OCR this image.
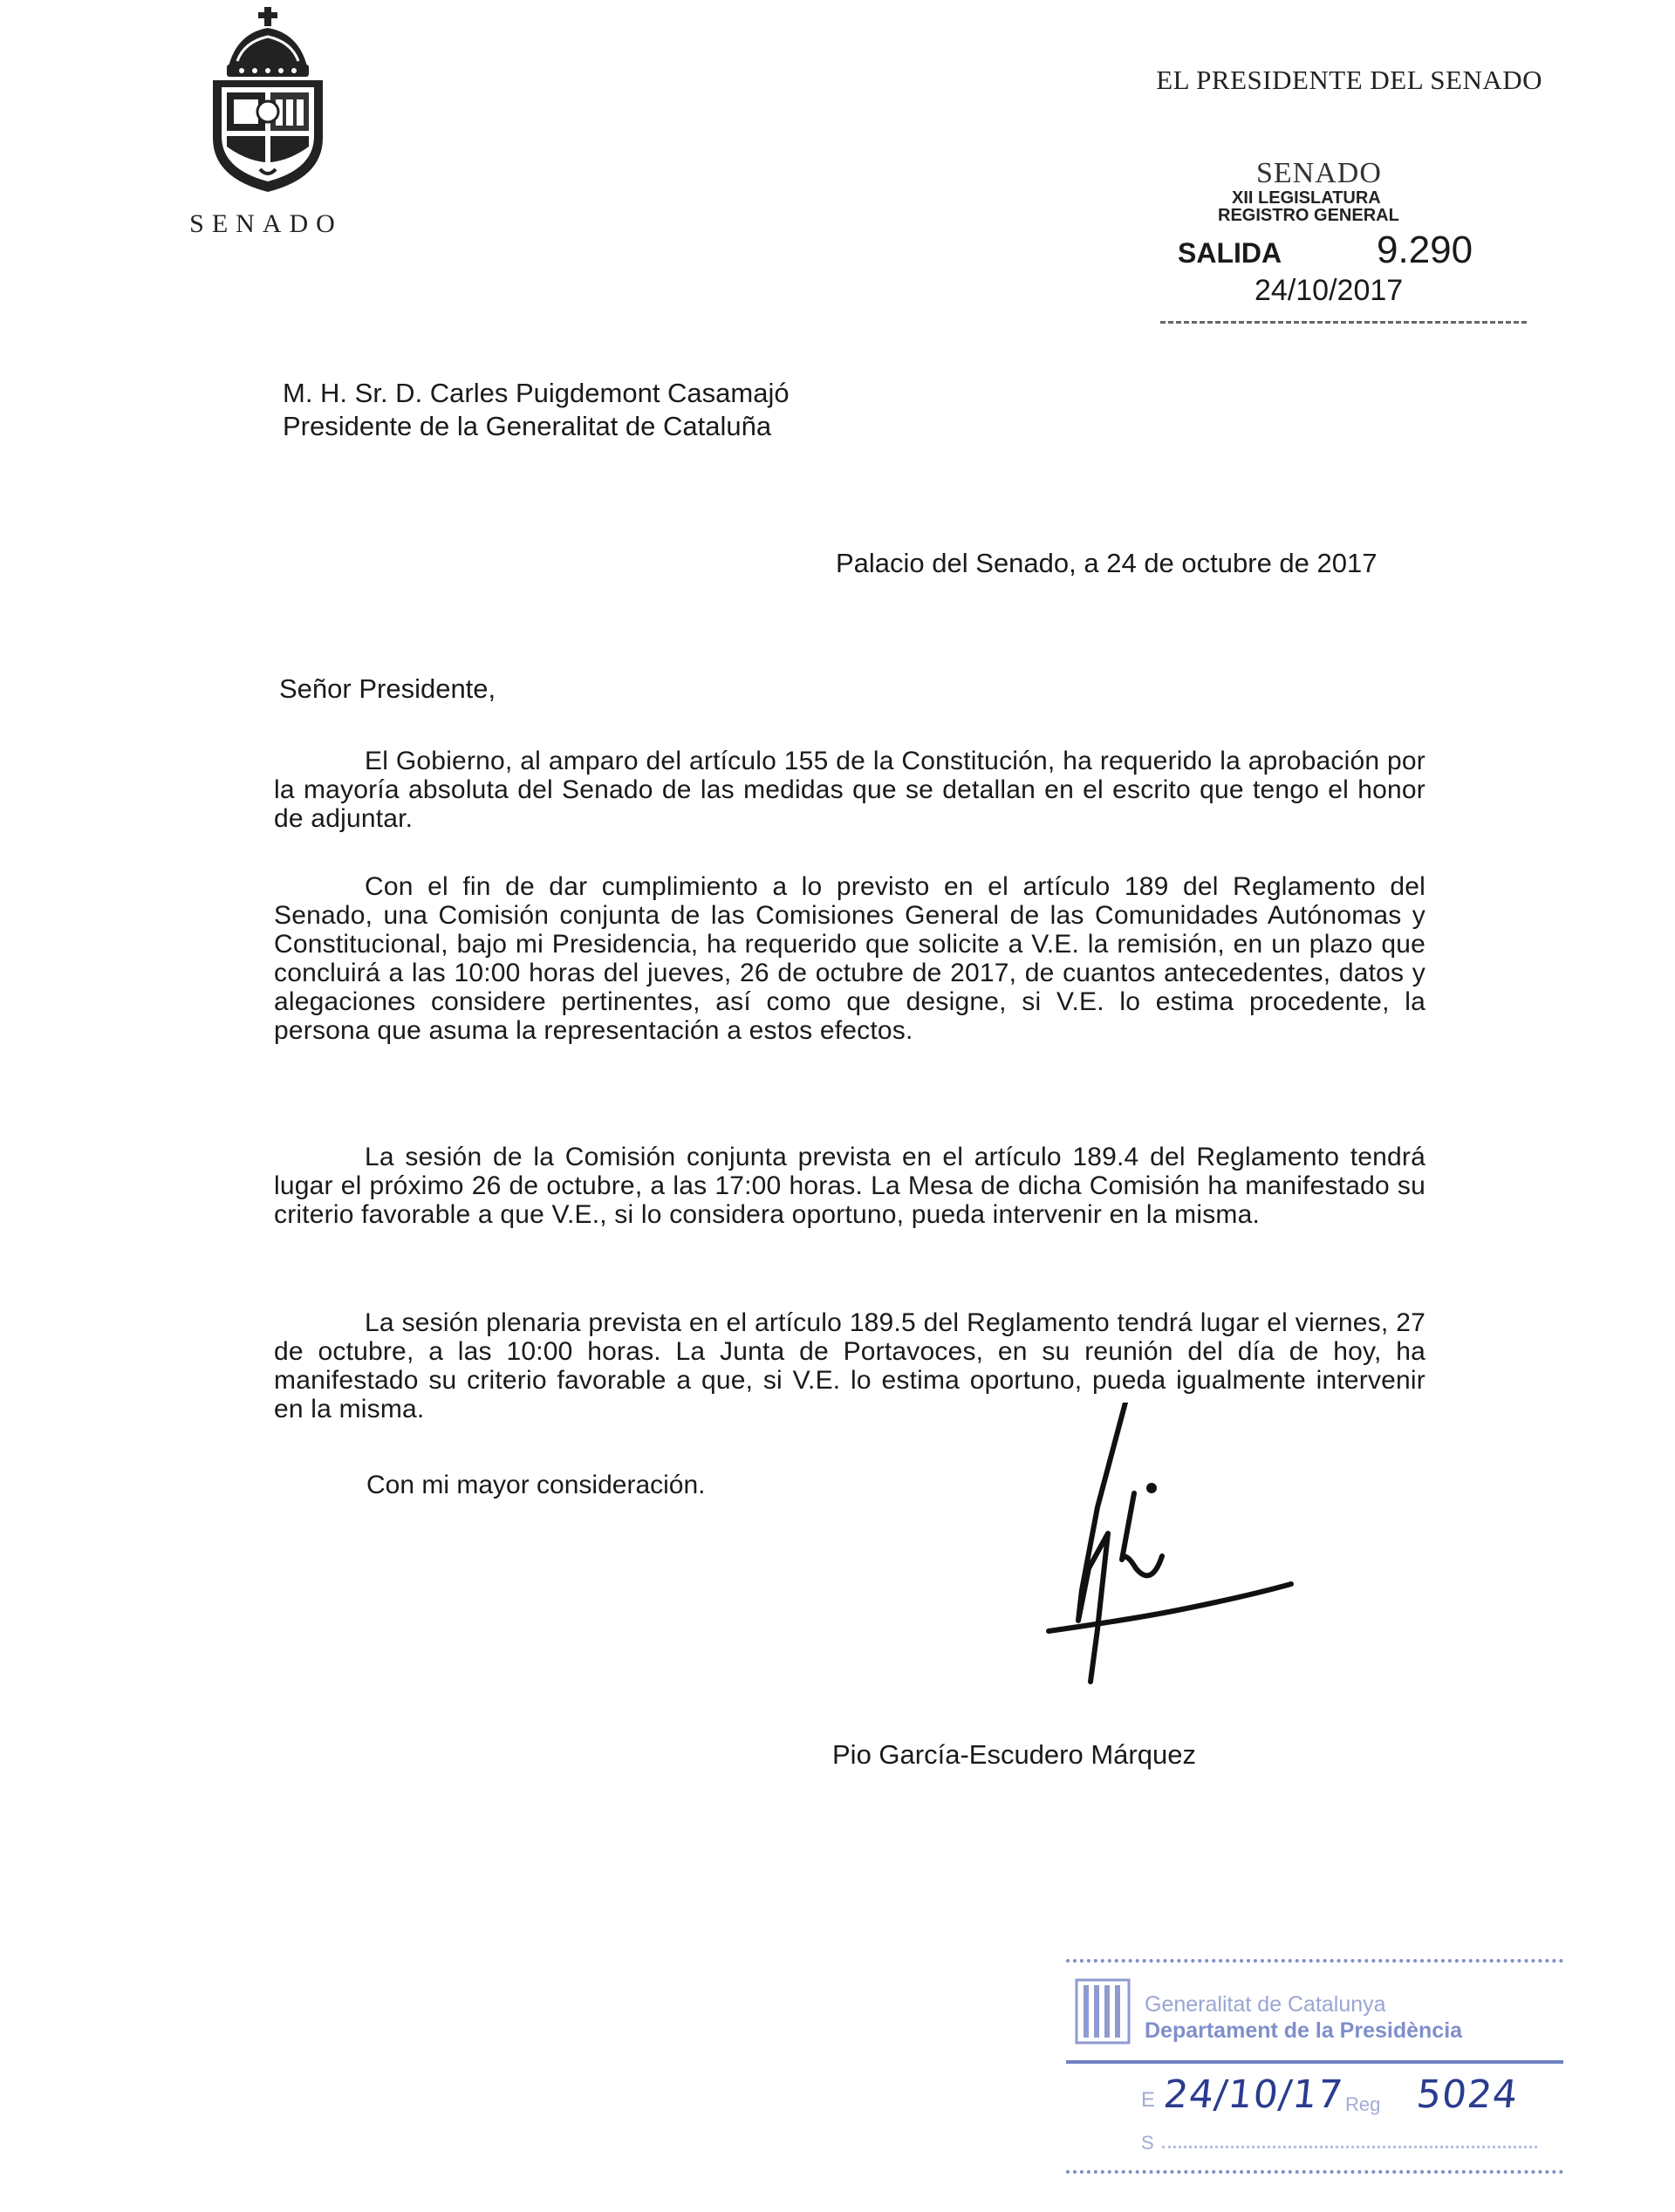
SENADO
EL PRESIDENTE DEL SENADO
SENADO
XII LEGISLATURA
REGISTRO GENERAL
SALIDA 9.290
24/10/2017
M. H. Sr. D. Carles Puigdemont Casamajó
Presidente de la Generalitat de Cataluña
Palacio del Senado, a 24 de octubre de 2017
Señor Presidente,
El Gobierno, al amparo del artículo 155 de la Constitución, ha requerido la aprobación por la mayoría absoluta del Senado de las medidas que se detallan en el escrito que tengo el honor de adjuntar.
Con el fin de dar cumplimiento a lo previsto en el artículo 189 del Reglamento del Senado, una Comisión conjunta de las Comisiones General de las Comunidades Autónomas y Constitucional, bajo mi Presidencia, ha requerido que solicite a V.E. la remisión, en un plazo que concluirá a las 10:00 horas del jueves, 26 de octubre de 2017, de cuantos antecedentes, datos y alegaciones considere pertinentes, así como que designe, si V.E. lo estima procedente, la persona que asuma la representación a estos efectos.
La sesión de la Comisión conjunta prevista en el artículo 189.4 del Reglamento tendrá lugar el próximo 26 de octubre, a las 17:00 horas. La Mesa de dicha Comisión ha manifestado su criterio favorable a que V.E., si lo considera oportuno, pueda intervenir en la misma.
La sesión plenaria prevista en el artículo 189.5 del Reglamento tendrá lugar el viernes, 27 de octubre, a las 10:00 horas. La Junta de Portavoces, en su reunión del día de hoy, ha manifestado su criterio favorable a que, si V.E. lo estima oportuno, pueda igualmente intervenir en la misma.
Con mi mayor consideración.
Pio García-Escudero Márquez
Generalitat de Catalunya
Departament de la Presidència
E 24/10/17 Reg 5024
S
